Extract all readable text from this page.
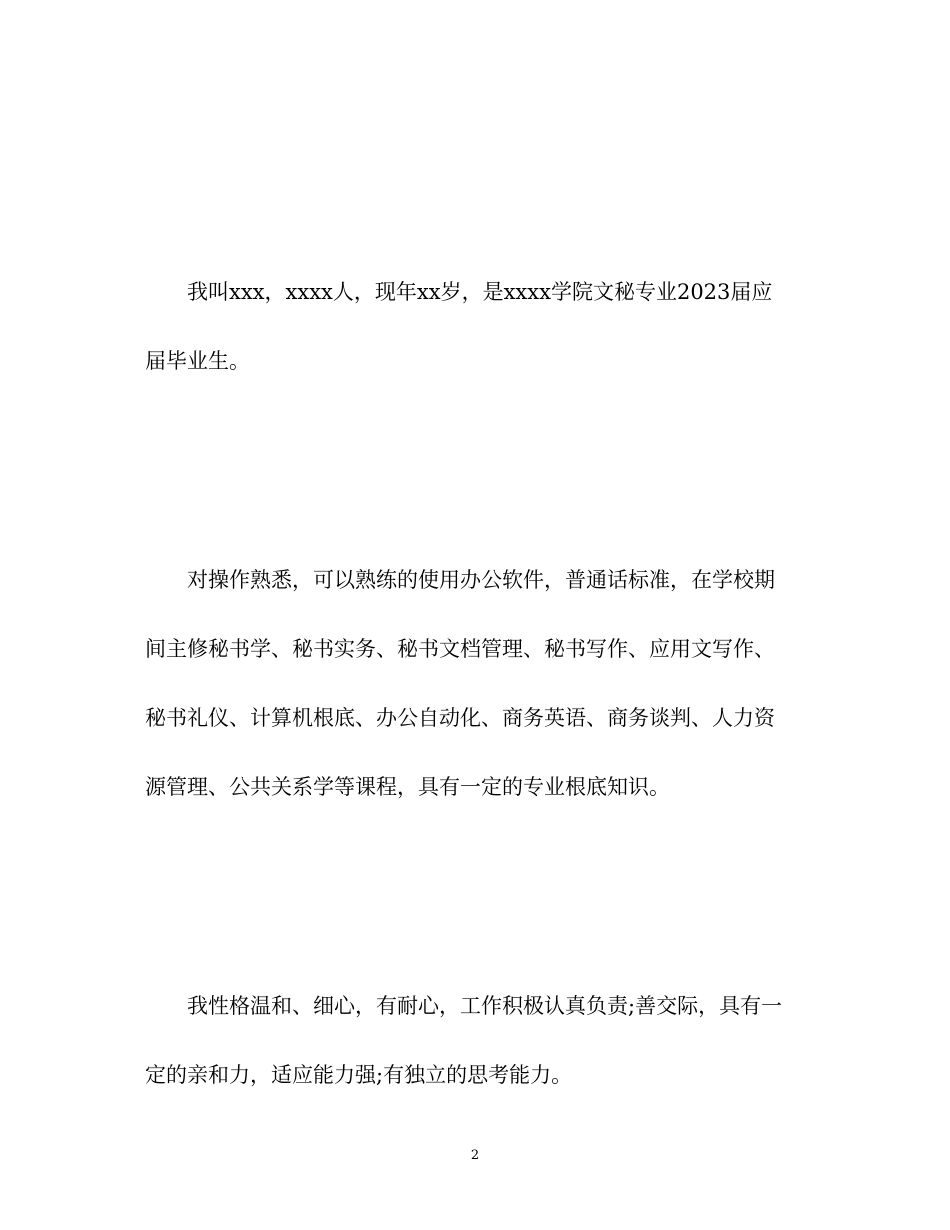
我叫xxx，xxxx人，现年xx岁，是xxxx学院文秘专业2023届应
届毕业生。
对操作熟悉，可以熟练的使用办公软件，普通话标准，在学校期
间主修秘书学、秘书实务、秘书文档管理、秘书写作、应用文写作、
秘书礼仪、计算机根底、办公自动化、商务英语、商务谈判、人力资
源管理、公共关系学等课程，具有一定的专业根底知识。
我性格温和、细心，有耐心，工作积极认真负责;善交际，具有一
定的亲和力，适应能力强;有独立的思考能力。
2
